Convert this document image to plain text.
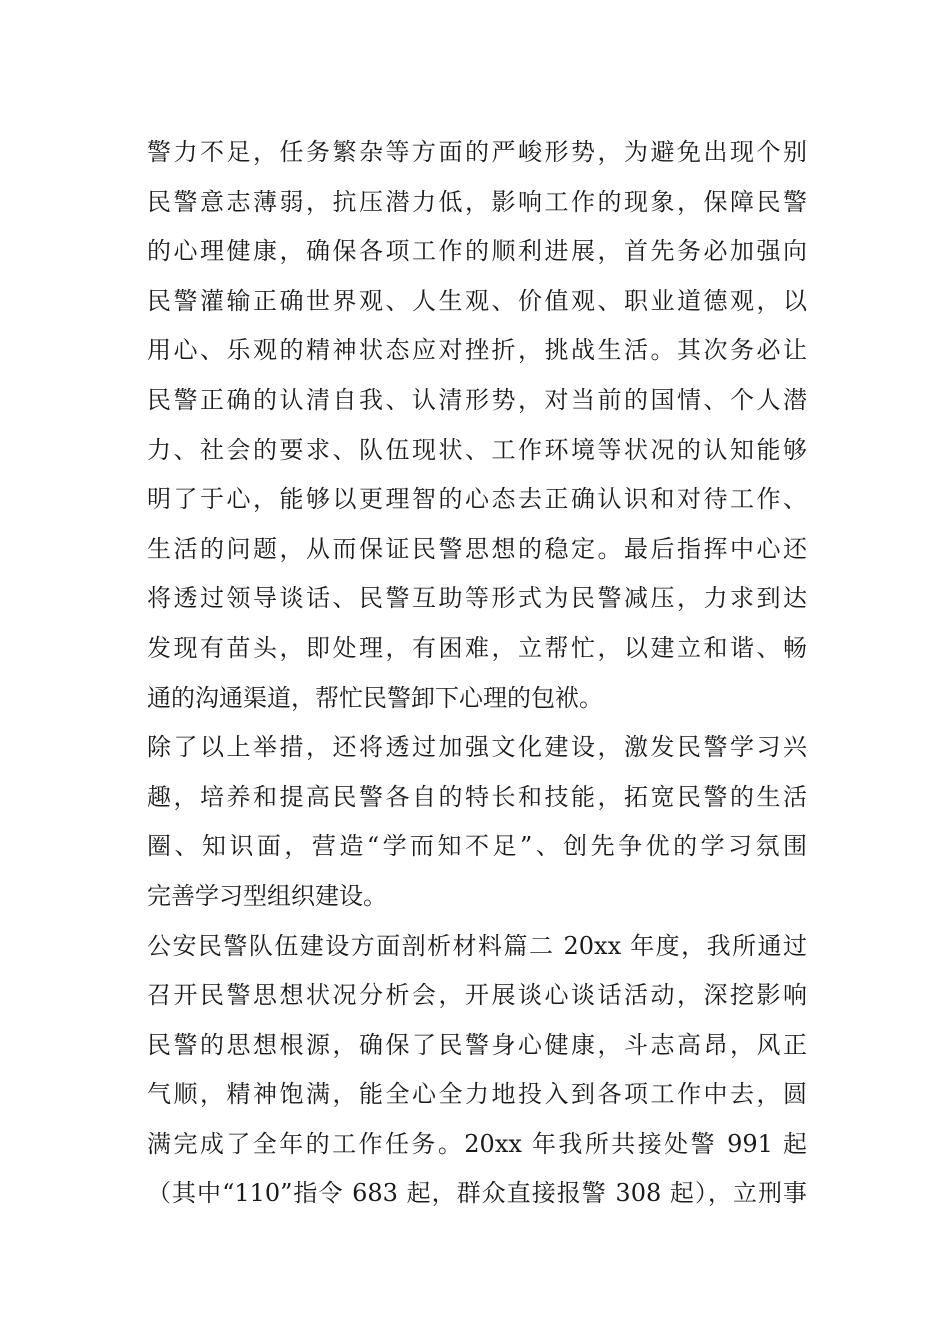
警力不足，任务繁杂等方面的严峻形势，为避免出现个别
民警意志薄弱，抗压潜力低，影响工作的现象，保障民警
的心理健康，确保各项工作的顺利进展，首先务必加强向
民警灌输正确世界观、人生观、价值观、职业道德观，以
用心、乐观的精神状态应对挫折，挑战生活。其次务必让
民警正确的认清自我、认清形势，对当前的国情、个人潜
力、社会的要求、队伍现状、工作环境等状况的认知能够
明了于心，能够以更理智的心态去正确认识和对待工作、
生活的问题，从而保证民警思想的稳定。最后指挥中心还
将透过领导谈话、民警互助等形式为民警减压，力求到达
发现有苗头，即处理，有困难，立帮忙，以建立和谐、畅
通的沟通渠道，帮忙民警卸下心理的包袱。
除了以上举措，还将透过加强文化建设，激发民警学习兴
趣，培养和提高民警各自的特长和技能，拓宽民警的生活
圈、知识面，营造“学而知不足”、创先争优的学习氛围
完善学习型组织建设。
公安民警队伍建设方面剖析材料篇二 20xx 年度，我所通过
召开民警思想状况分析会，开展谈心谈话活动，深挖影响
民警的思想根源，确保了民警身心健康，斗志高昂，风正
气顺，精神饱满，能全心全力地投入到各项工作中去，圆
满完成了全年的工作任务。20xx 年我所共接处警 991 起
（其中“110”指令 683 起，群众直接报警 308 起），立刑事
